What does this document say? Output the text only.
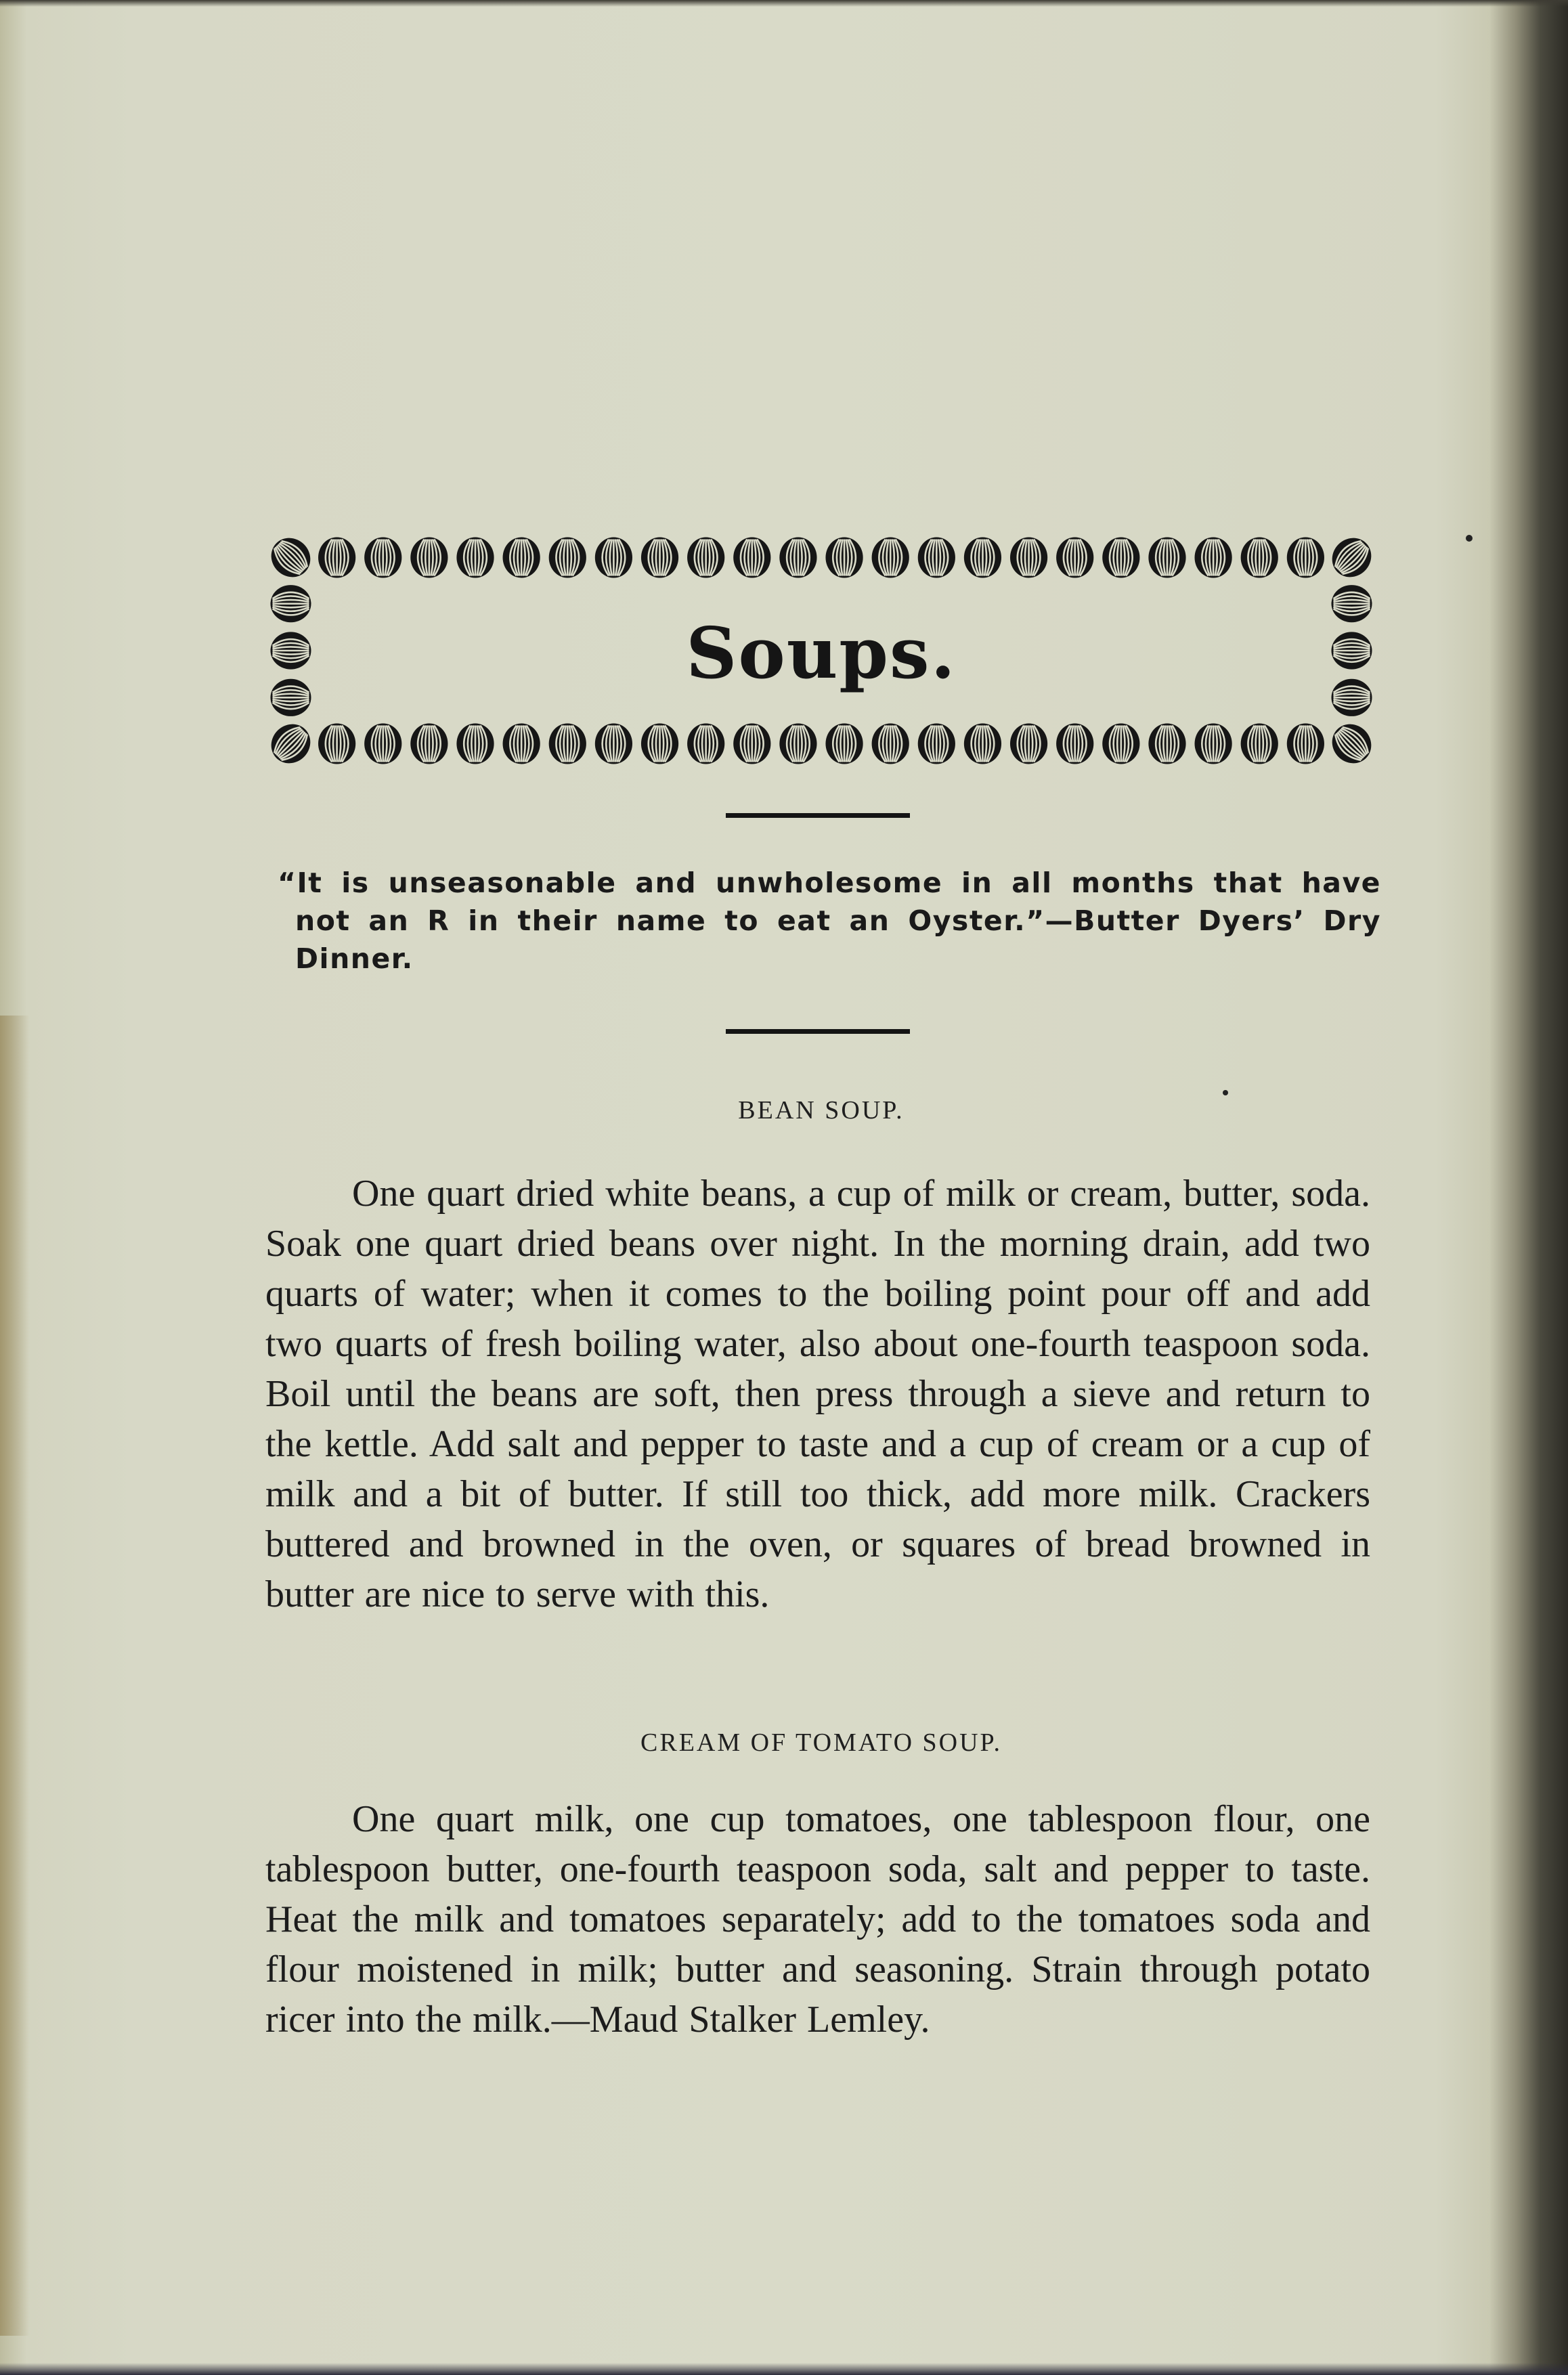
Soups.
“It is unseasonable and unwholesome in all months that have not an R in their name to eat an Oyster.”—Butter Dyers’ Dry Dinner.
BEAN SOUP.
One quart dried white beans, a cup of milk or cream, butter, soda. Soak one quart dried beans over night. In the morning drain, add two quarts of water; when it comes to the boiling point pour off and add two quarts of fresh boiling water, also about one-fourth teaspoon soda. Boil until the beans are soft, then press through a sieve and return to the kettle. Add salt and pepper to taste and a cup of cream or a cup of milk and a bit of butter. If still too thick, add more milk. Crackers buttered and browned in the oven, or squares of bread browned in butter are nice to serve with this.
CREAM OF TOMATO SOUP.
One quart milk, one cup tomatoes, one tablespoon flour, one tablespoon butter, one-fourth teaspoon soda, salt and pepper to taste. Heat the milk and tomatoes separately; add to the tomatoes soda and flour moistened in milk; butter and seasoning. Strain through potato ricer into the milk.—Maud Stalker Lemley.
